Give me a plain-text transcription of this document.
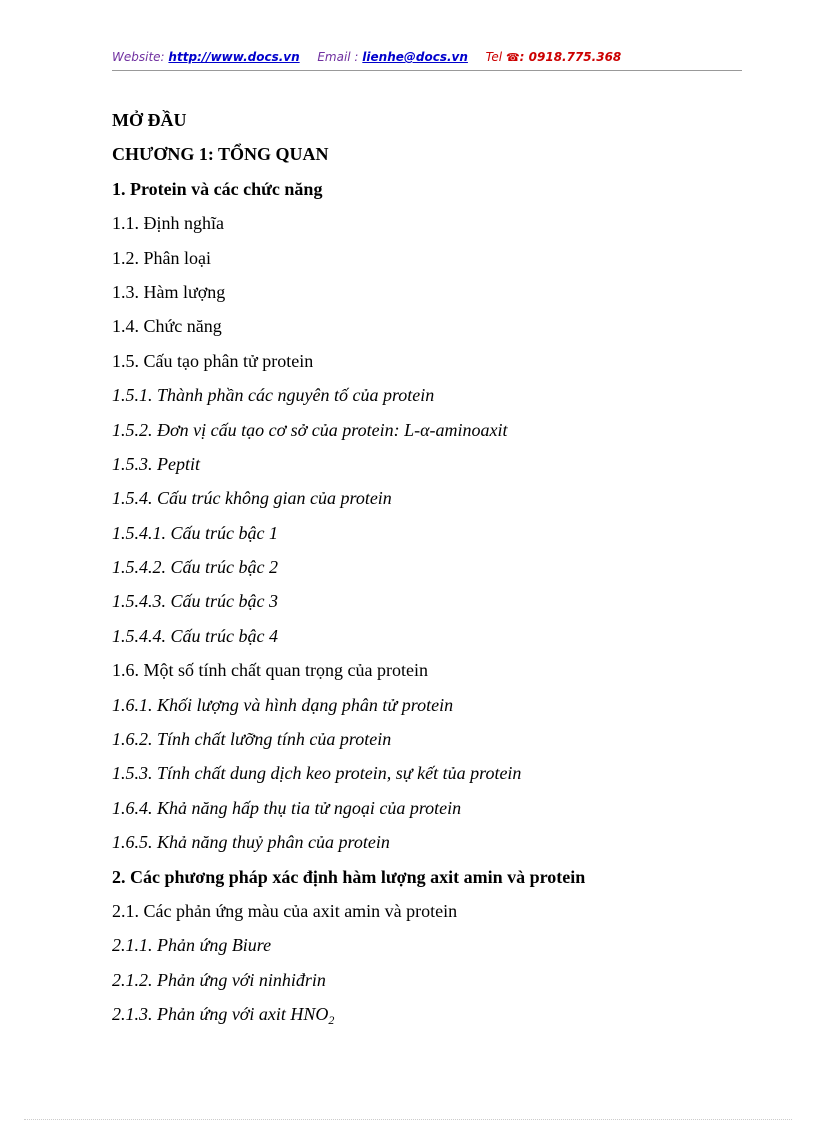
Website: http://www.docs.vn Email : lienhe@docs.vn Tel ☎: 0918.775.368
MỞ ĐẦU
CHƯƠNG 1: TỔNG QUAN
1. Protein và các chức năng
1.1. Định nghĩa
1.2. Phân loại
1.3. Hàm lượng
1.4. Chức năng
1.5. Cấu tạo phân tử protein
1.5.1. Thành phần các nguyên tố của protein
1.5.2. Đơn vị cấu tạo cơ sở của protein: L-α-aminoaxit
1.5.3. Peptit
1.5.4. Cấu trúc không gian của protein
1.5.4.1. Cấu trúc bậc 1
1.5.4.2. Cấu trúc bậc 2
1.5.4.3. Cấu trúc bậc 3
1.5.4.4. Cấu trúc bậc 4
1.6. Một số tính chất quan trọng của protein
1.6.1. Khối lượng và hình dạng phân tử protein
1.6.2. Tính chất lưỡng tính của protein
1.5.3. Tính chất dung dịch keo protein, sự kết tủa protein
1.6.4. Khả năng hấp thụ tia tử ngoại của protein
1.6.5. Khả năng thuỷ phân của protein
2. Các phương pháp xác định hàm lượng axit amin và protein
2.1. Các phản ứng màu của axit amin và protein
2.1.1. Phản ứng Biure
2.1.2. Phản ứng với ninhiđrin
2.1.3. Phản ứng với axit $HNO_2$
